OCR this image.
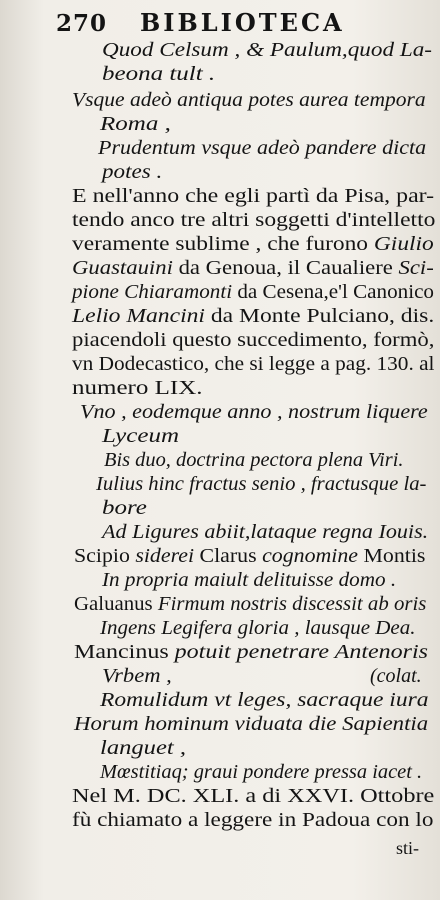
270 BIBLIOTECA
Quod Celsum , & Paulum,quod La-
beona tult .
Vsque adeò antiqua potes aurea tempora
Roma ,
Prudentum vsque adeò pandere dicta
potes .
E nell'anno che egli partì da Pisa, par-
tendo anco tre altri soggetti d'intelletto
veramente sublime , che furono Giulio
Guastauini da Genoua, il Caualiere Sci-
pione Chiaramonti da Cesena,e'l Canonico
Lelio Mancini da Monte Pulciano, dis.
piacendoli questo succedimento, formò,
vn Dodecastico, che si legge a pag. 130. al
numero LIX.
Vno , eodemque anno , nostrum liquere
Lyceum
Bis duo, doctrina pectora plena Viri.
Iulius hinc fractus senio , fractusque la-
bore
Ad Ligures abiit,lataque regna Iouis.
Scipio siderei Clarus cognomine Montis
In propria maiult delituisse domo .
Galuanus Firmum nostris discessit ab oris
Ingens Legifera gloria , lausque Dea.
Mancinus potuit penetrare Antenoris
Vrbem ,
Romulidum vt leges, sacraque iura
Horum hominum viduata die Sapientia
languet ,
Mœstitiaq; graui pondere pressa iacet .
Nel M. DC. XLI. a di XXVI. Ottobre
fù chiamato a leggere in Padoua con lo
(colat.
sti-
